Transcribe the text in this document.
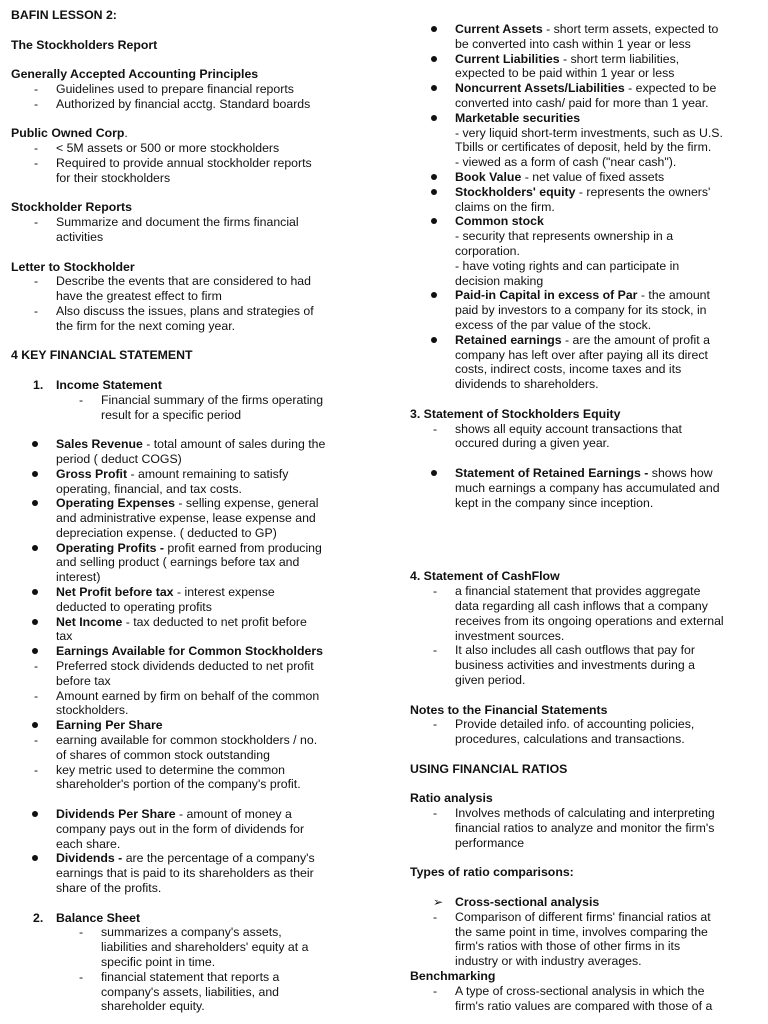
BAFIN LESSON 2:
The Stockholders Report
Generally Accepted Accounting Principles
- Guidelines used to prepare financial reports
- Authorized by financial acctg. Standard boards
Public Owned Corp.
- < 5M assets or 500 or more stockholders
- Required to provide annual stockholder reports
for their stockholders
Stockholder Reports
- Summarize and document the firms financial
activities
Letter to Stockholder
- Describe the events that are considered to had
have the greatest effect to firm
- Also discuss the issues, plans and strategies of
the firm for the next coming year.
4 KEY FINANCIAL STATEMENT
1. Income Statement
- Financial summary of the firms operating
result for a specific period
Sales Revenue - total amount of sales during the
period ( deduct COGS)
Gross Profit - amount remaining to satisfy
operating, financial, and tax costs.
Operating Expenses - selling expense, general
and administrative expense, lease expense and
depreciation expense. ( deducted to GP)
Operating Profits - profit earned from producing
and selling product ( earnings before tax and
interest)
Net Profit before tax - interest expense
deducted to operating profits
Net Income - tax deducted to net profit before
tax
Earnings Available for Common Stockholders
- Preferred stock dividends deducted to net profit
before tax
- Amount earned by firm on behalf of the common
stockholders.
Earning Per Share
- earning available for common stockholders / no.
of shares of common stock outstanding
- key metric used to determine the common
shareholder's portion of the company's profit.
Dividends Per Share - amount of money a
company pays out in the form of dividends for
each share.
Dividends - are the percentage of a company's
earnings that is paid to its shareholders as their
share of the profits.
2. Balance Sheet
- summarizes a company's assets,
liabilities and shareholders' equity at a
specific point in time.
- financial statement that reports a
company's assets, liabilities, and
shareholder equity.
Current Assets - short term assets, expected to
be converted into cash within 1 year or less
Current Liabilities - short term liabilities,
expected to be paid within 1 year or less
Noncurrent Assets/Liabilities - expected to be
converted into cash/ paid for more than 1 year.
Marketable securities
- very liquid short-term investments, such as U.S.
Tbills or certificates of deposit, held by the firm.
- viewed as a form of cash ("near cash").
Book Value - net value of fixed assets
Stockholders' equity - represents the owners'
claims on the firm.
Common stock
- security that represents ownership in a
corporation.
- have voting rights and can participate in
decision making
Paid-in Capital in excess of Par - the amount
paid by investors to a company for its stock, in
excess of the par value of the stock.
Retained earnings - are the amount of profit a
company has left over after paying all its direct
costs, indirect costs, income taxes and its
dividends to shareholders.
3. Statement of Stockholders Equity
- shows all equity account transactions that
occured during a given year.
Statement of Retained Earnings - shows how
much earnings a company has accumulated and
kept in the company since inception.
4. Statement of CashFlow
- a financial statement that provides aggregate
data regarding all cash inflows that a company
receives from its ongoing operations and external
investment sources.
- It also includes all cash outflows that pay for
business activities and investments during a
given period.
Notes to the Financial Statements
- Provide detailed info. of accounting policies,
procedures, calculations and transactions.
USING FINANCIAL RATIOS
Ratio analysis
- Involves methods of calculating and interpreting
financial ratios to analyze and monitor the firm's
performance
Types of ratio comparisons:
➢ Cross-sectional analysis
- Comparison of different firms' financial ratios at
the same point in time, involves comparing the
firm's ratios with those of other firms in its
industry or with industry averages.
Benchmarking
- A type of cross-sectional analysis in which the
firm's ratio values are compared with those of a
